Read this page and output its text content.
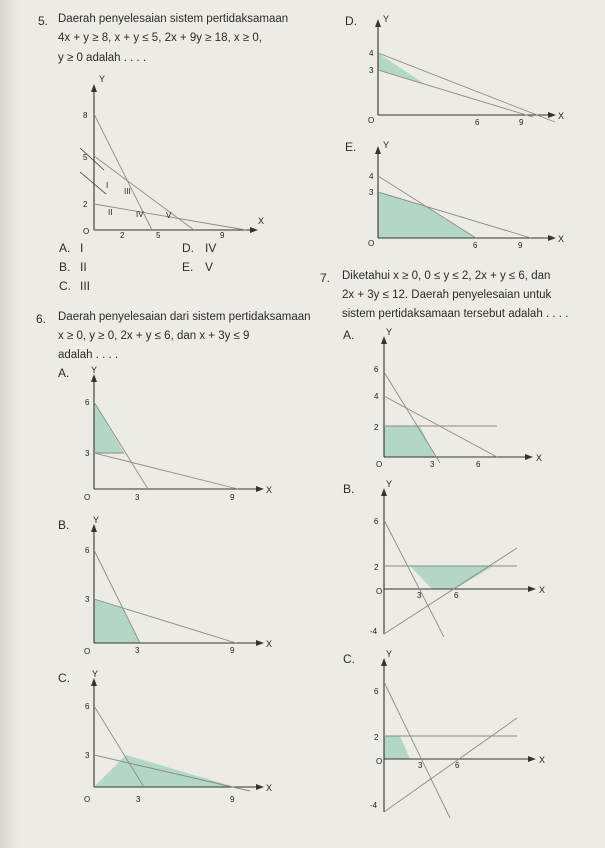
5. Daerah penyelesaian sistem pertidaksamaan
4x + y ≥ 8, x + y ≤ 5, 2x + 9y ≥ 18, x ≥ 0,
y ≥ 0 adalah . . . .
Y
X
O
8
5
2
2	5	9
I
II
III
IV	V
A. I
B. II
C. III
D. IV
E. V
D.	Y
X
O
4
3
6	9
E.	Y
X
O
4
3
6	9
6. Daerah penyelesaian dari sistem pertidaksamaan
x ≥ 0, y ≥ 0, 2x + y ≤ 6, dan x + 3y ≤ 9
adalah . . . .
A. Y
X
O
6
3
3	9
B.	Y
X
O
6
3
3	9
C. Y
X
O
6
3
3	9
7. Diketahui x ≥ 0, 0 ≤ y ≤ 2, 2x + y ≤ 6, dan
2x + 3y ≤ 12. Daerah penyelesaian untuk
sistem pertidaksamaan tersebut adalah . . . .
A.	Y
X
O
6
4
2
3	6
B.	Y
X
O
6
2
-4
3	6
C.	Y
X
O
6
2
-4
3	6
